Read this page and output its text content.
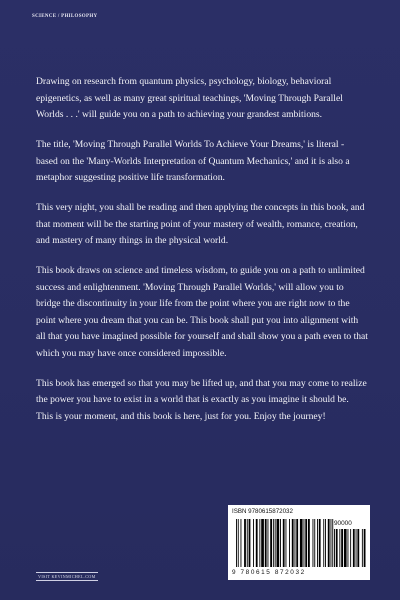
SCIENCE / PHILOSOPHY

Drawing on research from quantum physics, psychology, biology, behavioral epigenetics, as well as many great spiritual teachings, 'Moving Through Parallel Worlds . . .' will guide you on a path to achieving your grandest ambitions.

The title, 'Moving Through Parallel Worlds To Achieve Your Dreams,' is literal - based on the 'Many-Worlds Interpretation of Quantum Mechanics,' and it is also a metaphor suggesting positive life transformation.

This very night, you shall be reading and then applying the concepts in this book, and that moment will be the starting point of your mastery of wealth, romance, creation, and mastery of many things in the physical world.

This book draws on science and timeless wisdom, to guide you on a path to unlimited success and enlightenment. 'Moving Through Parallel Worlds,' will allow you to bridge the discontinuity in your life from the point where you are right now to the point where you dream that you can be. This book shall put you into alignment with all that you have imagined possible for yourself and shall show you a path even to that which you may have once considered impossible.

This book has emerged so that you may be lifted up, and that you may come to realize the power you have to exist in a world that is exactly as you imagine it should be. This is your moment, and this book is here, just for you. Enjoy the journey!

ISBN 9780615872032
90000
9 780615 872032
VISIT KEVINMICHEL.COM
